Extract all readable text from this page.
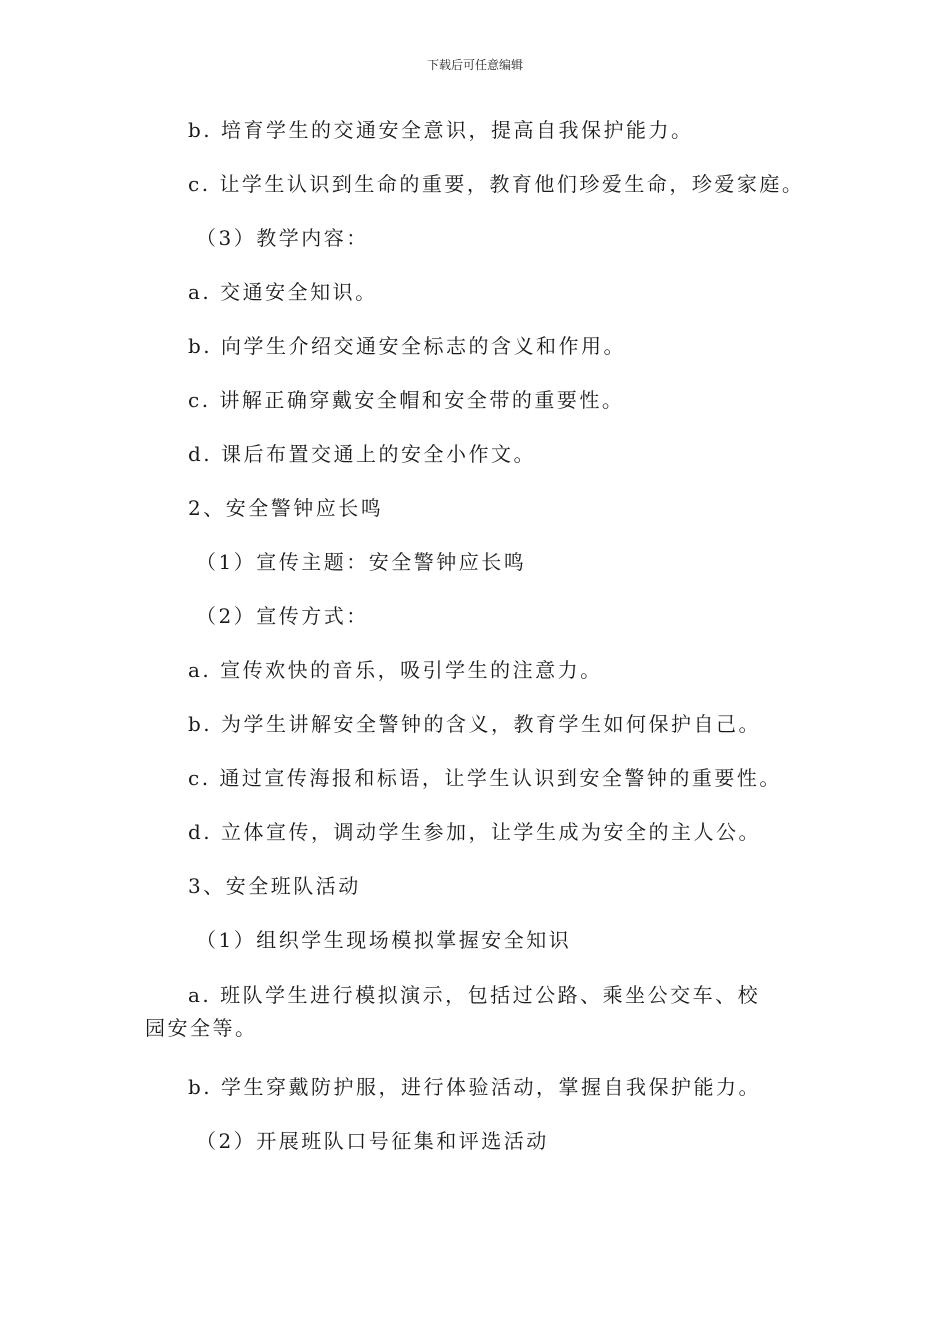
下载后可任意编辑

b. 培育学生的交通安全意识，提高自我保护能力。

c. 让学生认识到生命的重要，教育他们珍爱生命，珍爱家庭。

（3）教学内容：

a. 交通安全知识。

b. 向学生介绍交通安全标志的含义和作用。

c. 讲解正确穿戴安全帽和安全带的重要性。

d. 课后布置交通上的安全小作文。

2、安全警钟应长鸣

（1）宣传主题：安全警钟应长鸣

（2）宣传方式：

a. 宣传欢快的音乐，吸引学生的注意力。

b. 为学生讲解安全警钟的含义，教育学生如何保护自己。

c. 通过宣传海报和标语，让学生认识到安全警钟的重要性。

d. 立体宣传，调动学生参加，让学生成为安全的主人公。

3、安全班队活动

（1）组织学生现场模拟掌握安全知识

a. 班队学生进行模拟演示，包括过公路、乘坐公交车、校园安全等。

b. 学生穿戴防护服，进行体验活动，掌握自我保护能力。

（2）开展班队口号征集和评选活动
